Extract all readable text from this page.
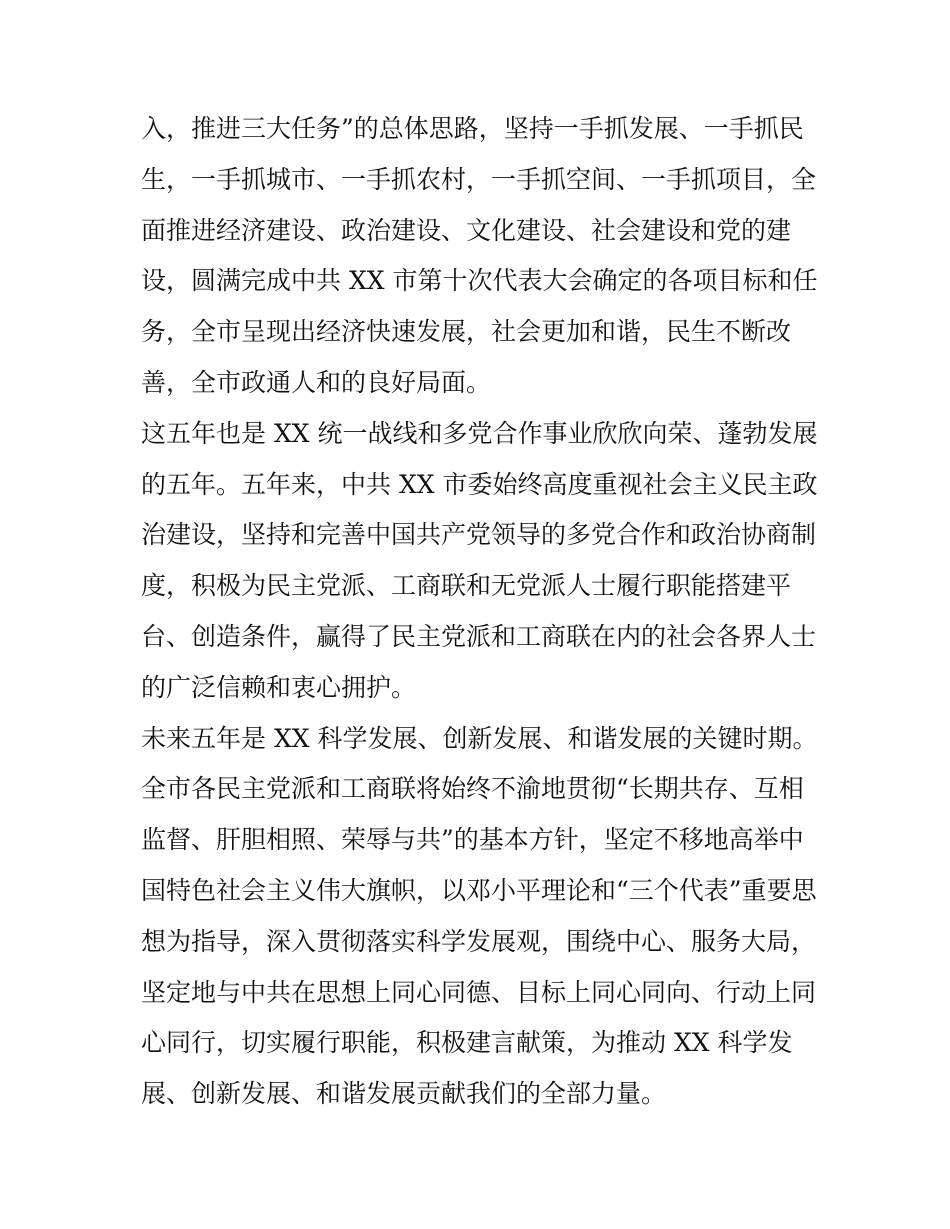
入，推进三大任务”的总体思路，坚持一手抓发展、一手抓民
生，一手抓城市、一手抓农村，一手抓空间、一手抓项目，全
面推进经济建设、政治建设、文化建设、社会建设和党的建
设，圆满完成中共 XX 市第十次代表大会确定的各项目标和任
务，全市呈现出经济快速发展，社会更加和谐，民生不断改
善，全市政通人和的良好局面。
这五年也是 XX 统一战线和多党合作事业欣欣向荣、蓬勃发展
的五年。五年来，中共 XX 市委始终高度重视社会主义民主政
治建设，坚持和完善中国共产党领导的多党合作和政治协商制
度，积极为民主党派、工商联和无党派人士履行职能搭建平
台、创造条件，赢得了民主党派和工商联在内的社会各界人士
的广泛信赖和衷心拥护。
未来五年是 XX 科学发展、创新发展、和谐发展的关键时期。
全市各民主党派和工商联将始终不渝地贯彻“长期共存、互相
监督、肝胆相照、荣辱与共”的基本方针，坚定不移地高举中
国特色社会主义伟大旗帜，以邓小平理论和“三个代表”重要思
想为指导，深入贯彻落实科学发展观，围绕中心、服务大局，
坚定地与中共在思想上同心同德、目标上同心同向、行动上同
心同行，切实履行职能，积极建言献策，为推动 XX 科学发
展、创新发展、和谐发展贡献我们的全部力量。
